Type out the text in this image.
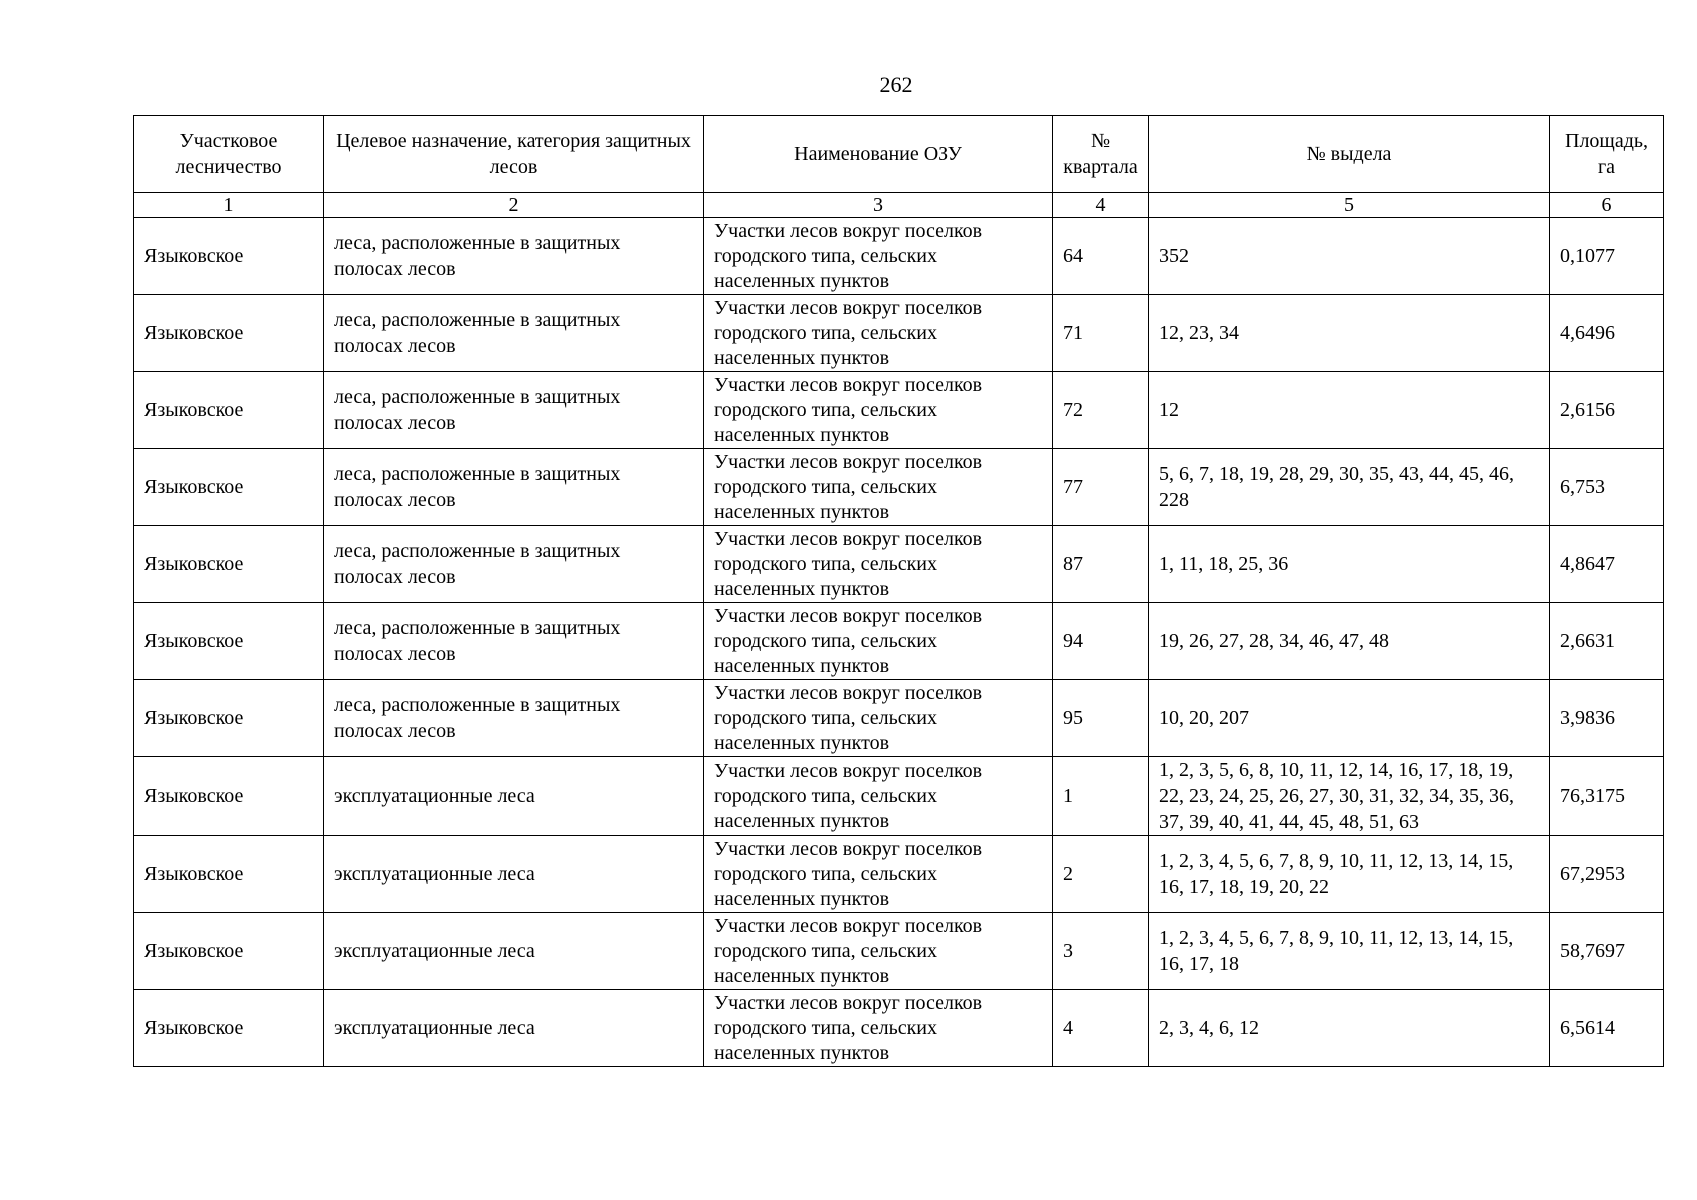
262
Участковое лесничество	Целевое назначение, категория защитных лесов	Наименование ОЗУ	№ квартала	№ выдела	Площадь, га
1	2	3	4	5	6
Языковское	леса, расположенные в защитных полосах лесов	Участки лесов вокруг поселков городского типа, сельских населенных пунктов	64	352	0,1077
Языковское	леса, расположенные в защитных полосах лесов	Участки лесов вокруг поселков городского типа, сельских населенных пунктов	71	12, 23, 34	4,6496
Языковское	леса, расположенные в защитных полосах лесов	Участки лесов вокруг поселков городского типа, сельских населенных пунктов	72	12	2,6156
Языковское	леса, расположенные в защитных полосах лесов	Участки лесов вокруг поселков городского типа, сельских населенных пунктов	77	5, 6, 7, 18, 19, 28, 29, 30, 35, 43, 44, 45, 46, 228	6,753
Языковское	леса, расположенные в защитных полосах лесов	Участки лесов вокруг поселков городского типа, сельских населенных пунктов	87	1, 11, 18, 25, 36	4,8647
Языковское	леса, расположенные в защитных полосах лесов	Участки лесов вокруг поселков городского типа, сельских населенных пунктов	94	19, 26, 27, 28, 34, 46, 47, 48	2,6631
Языковское	леса, расположенные в защитных полосах лесов	Участки лесов вокруг поселков городского типа, сельских населенных пунктов	95	10, 20, 207	3,9836
Языковское	эксплуатационные леса	Участки лесов вокруг поселков городского типа, сельских населенных пунктов	1	1, 2, 3, 5, 6, 8, 10, 11, 12, 14, 16, 17, 18, 19, 22, 23, 24, 25, 26, 27, 30, 31, 32, 34, 35, 36, 37, 39, 40, 41, 44, 45, 48, 51, 63	76,3175
Языковское	эксплуатационные леса	Участки лесов вокруг поселков городского типа, сельских населенных пунктов	2	1, 2, 3, 4, 5, 6, 7, 8, 9, 10, 11, 12, 13, 14, 15, 16, 17, 18, 19, 20, 22	67,2953
Языковское	эксплуатационные леса	Участки лесов вокруг поселков городского типа, сельских населенных пунктов	3	1, 2, 3, 4, 5, 6, 7, 8, 9, 10, 11, 12, 13, 14, 15, 16, 17, 18	58,7697
Языковское	эксплуатационные леса	Участки лесов вокруг поселков городского типа, сельских населенных пунктов	4	2, 3, 4, 6, 12	6,5614
